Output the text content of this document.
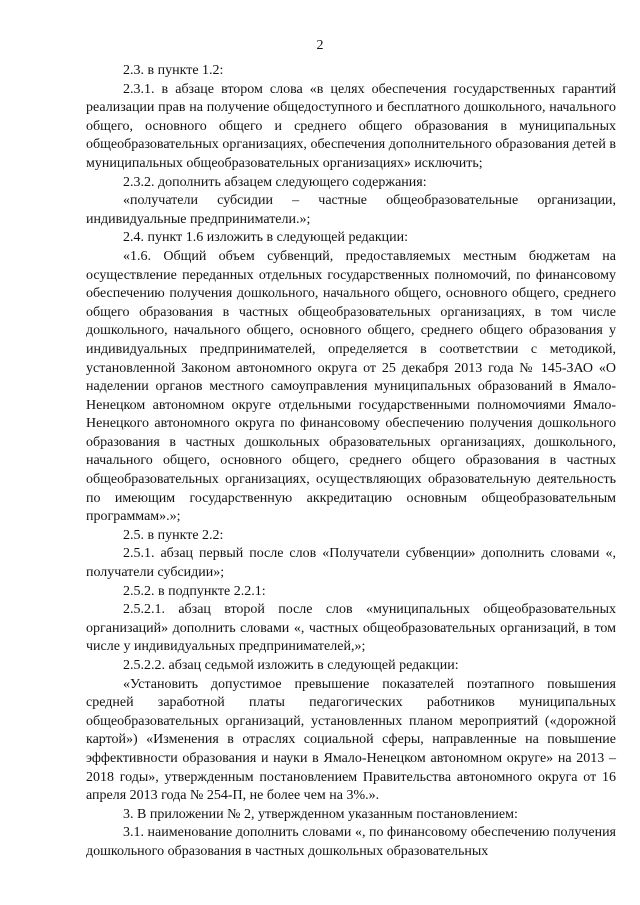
2

2.3. в пункте 1.2:

2.3.1. в абзаце втором слова «в целях обеспечения государственных гарантий реализации прав на получение общедоступного и бесплатного дошкольного, начального общего, основного общего и среднего общего образования в муниципальных общеобразовательных организациях, обеспечения дополнительного образования детей в муниципальных общеобразовательных организациях» исключить;

2.3.2. дополнить абзацем следующего содержания:

«получатели субсидии – частные общеобразовательные организации, индивидуальные предприниматели.»;

2.4. пункт 1.6 изложить в следующей редакции:

«1.6. Общий объем субвенций, предоставляемых местным бюджетам на осуществление переданных отдельных государственных полномочий, по финансовому обеспечению получения дошкольного, начального общего, основного общего, среднего общего образования в частных общеобразовательных организациях, в том числе дошкольного, начального общего, основного общего, среднего общего образования у индивидуальных предпринимателей, определяется в соответствии с методикой, установленной Законом автономного округа от 25 декабря 2013 года № 145-ЗАО «О наделении органов местного самоуправления муниципальных образований в Ямало-Ненецком автономном округе отдельными государственными полномочиями Ямало-Ненецкого автономного округа по финансовому обеспечению получения дошкольного образования в частных дошкольных образовательных организациях, дошкольного, начального общего, основного общего, среднего общего образования в частных общеобразовательных организациях, осуществляющих образовательную деятельность по имеющим государственную аккредитацию основным общеобразовательным программам».»;

2.5. в пункте 2.2:

2.5.1. абзац первый после слов «Получатели субвенции» дополнить словами «, получатели субсидии»;

2.5.2. в подпункте 2.2.1:

2.5.2.1. абзац второй после слов «муниципальных общеобразовательных организаций» дополнить словами «, частных общеобразовательных организаций, в том числе у индивидуальных предпринимателей,»;

2.5.2.2. абзац седьмой изложить в следующей редакции:

«Установить допустимое превышение показателей поэтапного повышения средней заработной платы педагогических работников муниципальных общеобразовательных организаций, установленных планом мероприятий («дорожной картой») «Изменения в отраслях социальной сферы, направленные на повышение эффективности образования и науки в Ямало-Ненецком автономном округе» на 2013 – 2018 годы», утвержденным постановлением Правительства автономного округа от 16 апреля 2013 года № 254-П, не более чем на 3%.».

3. В приложении № 2, утвержденном указанным постановлением:

3.1. наименование дополнить словами «, по финансовому обеспечению получения дошкольного образования в частных дошкольных образовательных
